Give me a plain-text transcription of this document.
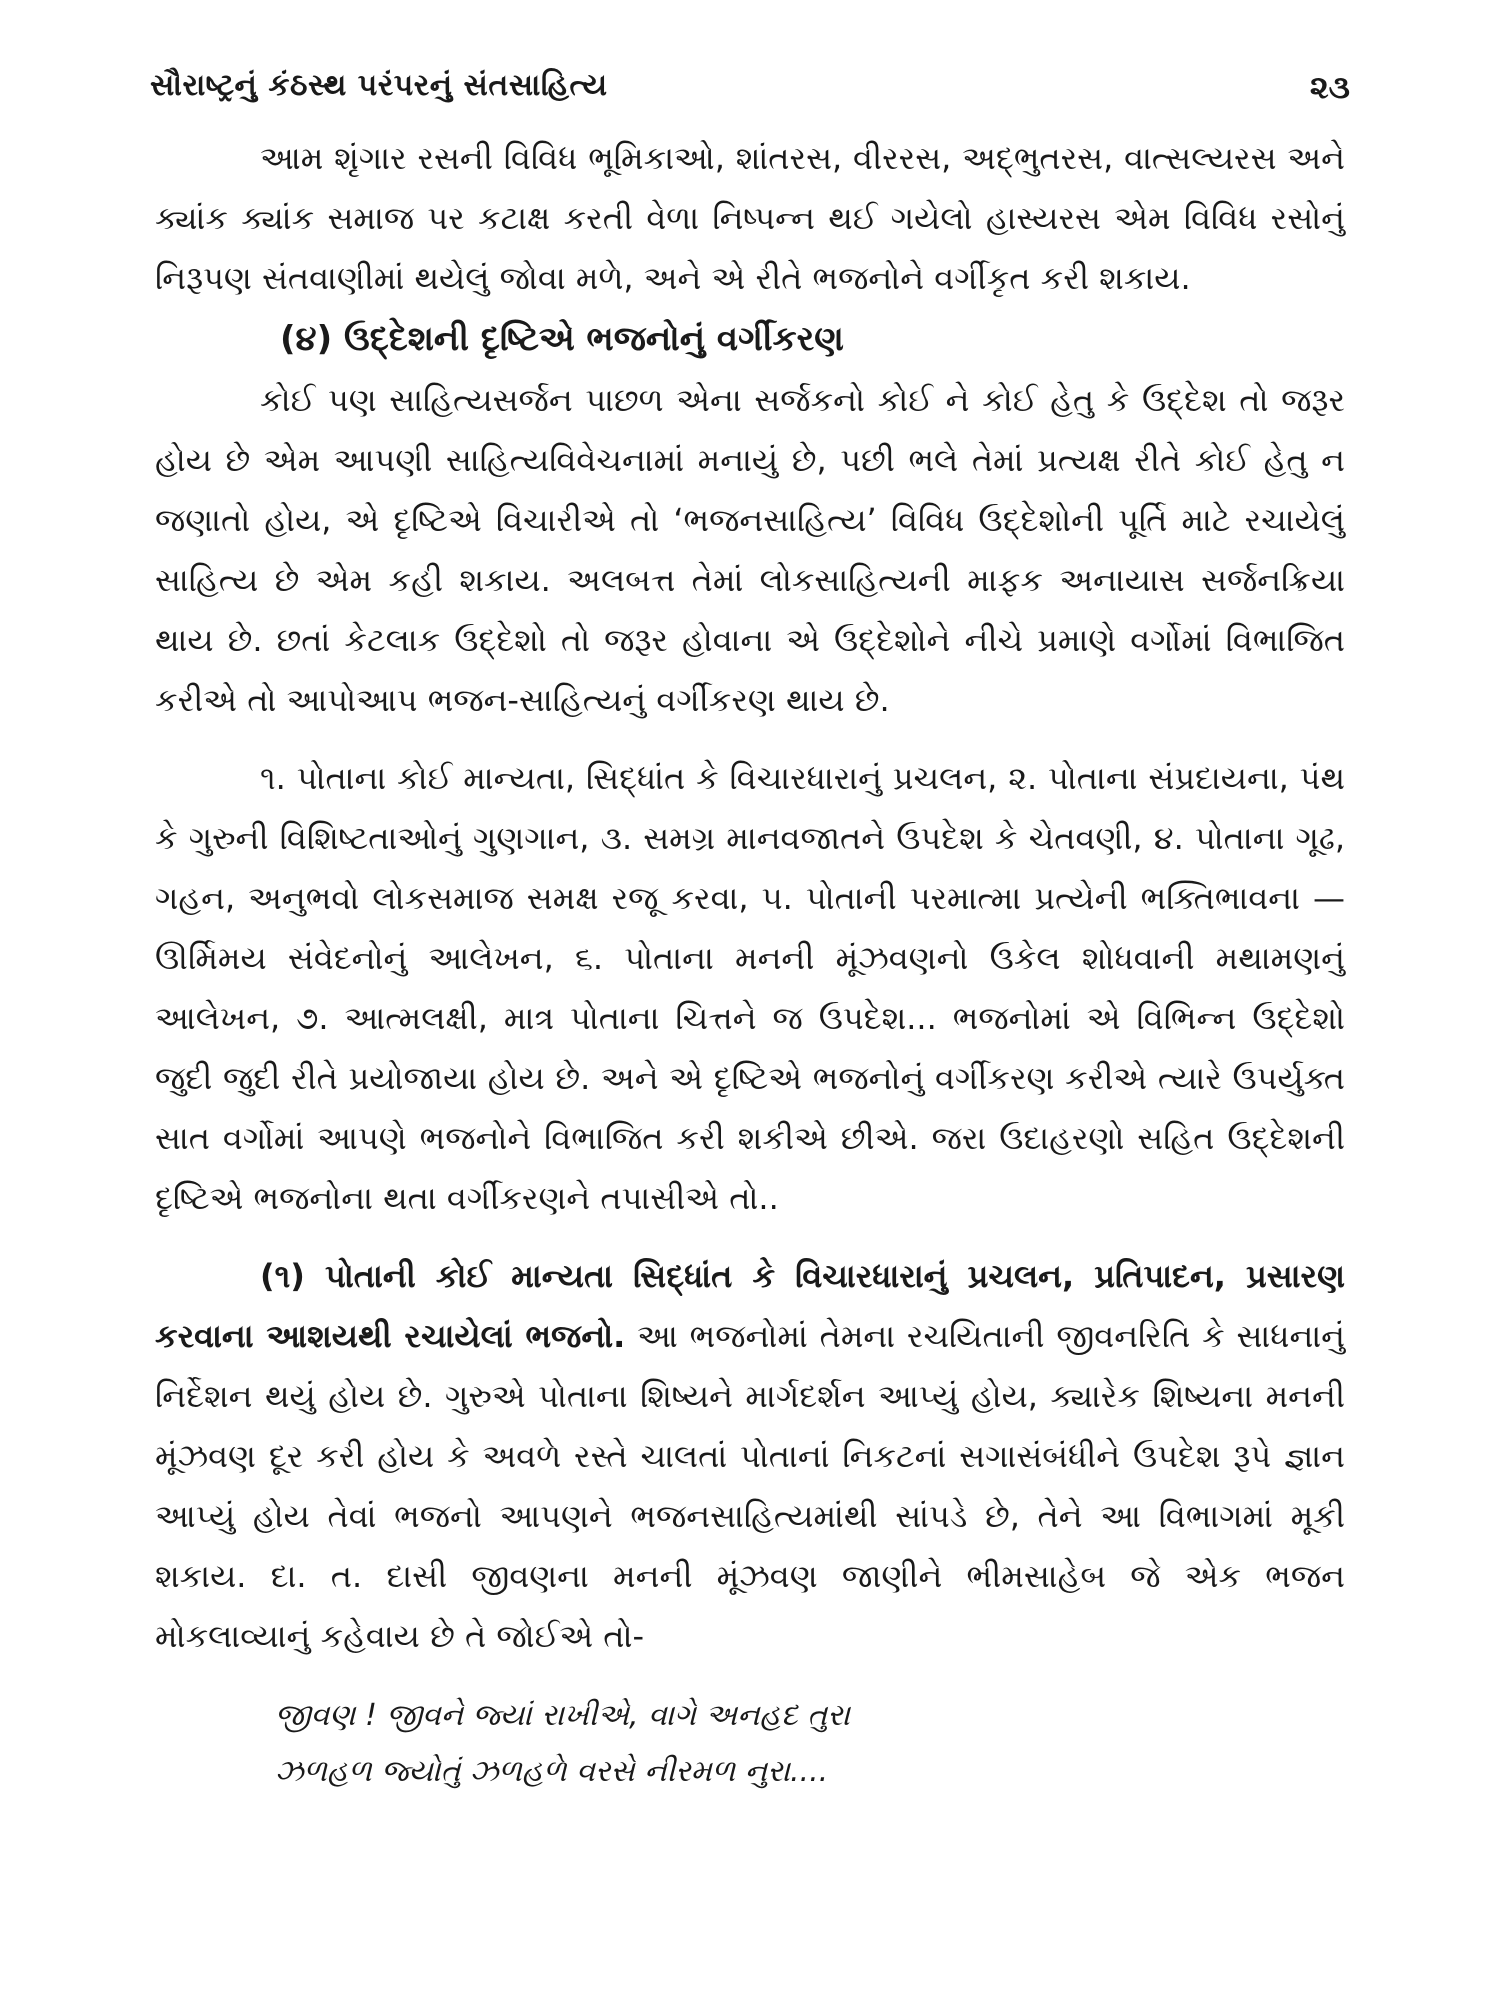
સૌરાષ્ટ્રનું કંઠસ્થ પરંપરનું સંતસાહિત્ય	૨૩

આમ શૃંગાર રસની વિવિધ ભૂમિકાઓ, શાંતરસ, વીરરસ, અદ્ભુતરસ, વાત્સલ્યરસ અને ક્યાંક ક્યાંક સમાજ પર કટાક્ષ કરતી વેળા નિષ્પન્ન થઈ ગયેલો હાસ્યરસ એમ વિવિધ રસોનું નિરૂપણ સંતવાણીમાં થયેલું જોવા મળે, અને એ રીતે ભજનોને વર્ગીકૃત કરી શકાય.

(૪) ઉદ્દેશની દૃષ્ટિએ ભજનોનું વર્ગીકરણ

કોઈ પણ સાહિત્યસર્જન પાછળ એના સર્જકનો કોઈ ને કોઈ હેતુ કે ઉદ્દેશ તો જરૂર હોય છે એમ આપણી સાહિત્યવિવેચનામાં મનાયું છે, પછી ભલે તેમાં પ્રત્યક્ષ રીતે કોઈ હેતુ ન જણાતો હોય, એ દૃષ્ટિએ વિચારીએ તો ‘ભજનસાહિત્ય’ વિવિધ ઉદ્દેશોની પૂર્તિ માટે રચાયેલું સાહિત્ય છે એમ કહી શકાય. અલબત્ત તેમાં લોકસાહિત્યની માફક અનાયાસ સર્જનક્રિયા થાય છે. છતાં કેટલાક ઉદ્દેશો તો જરૂર હોવાના એ ઉદ્દેશોને નીચે પ્રમાણે વર્ગોમાં વિભાજિત કરીએ તો આપોઆપ ભજન-સાહિત્યનું વર્ગીકરણ થાય છે.

૧. પોતાના કોઈ માન્યતા, સિદ્ધાંત કે વિચારધારાનું પ્રચલન, ૨. પોતાના સંપ્રદાયના, પંથ કે ગુરુની વિશિષ્ટતાઓનું ગુણગાન, ૩. સમગ્ર માનવજાતને ઉપદેશ કે ચેતવણી, ૪. પોતાના ગૂઢ, ગહન, અનુભવો લોકસમાજ સમક્ષ રજૂ કરવા, ૫. પોતાની પરમાત્મા પ્રત્યેની ભક્તિભાવના — ઊર્મિમય સંવેદનોનું આલેખન, ૬. પોતાના મનની મૂંઝવણનો ઉકેલ શોધવાની મથામણનું આલેખન, ૭. આત્મલક્ષી, માત્ર પોતાના ચિત્તને જ ઉપદેશ... ભજનોમાં એ વિભિન્ન ઉદ્દેશો જુદી જુદી રીતે પ્રયોજાયા હોય છે. અને એ દૃષ્ટિએ ભજનોનું વર્ગીકરણ કરીએ ત્યારે ઉપર્યુક્ત સાત વર્ગોમાં આપણે ભજનોને વિભાજિત કરી શકીએ છીએ. જરા ઉદાહરણો સહિત ઉદ્દેશની દૃષ્ટિએ ભજનોના થતા વર્ગીકરણને તપાસીએ તો..

(૧) પોતાની કોઈ માન્યતા સિદ્ધાંત કે વિચારધારાનું પ્રચલન, પ્રતિપાદન, પ્રસારણ કરવાના આશયથી રચાયેલાં ભજનો. આ ભજનોમાં તેમના રચયિતાની જીવનરિતિ કે સાધનાનું નિર્દેશન થયું હોય છે. ગુરુએ પોતાના શિષ્યને માર્ગદર્શન આપ્યું હોય, ક્યારેક શિષ્યના મનની મૂંઝવણ દૂર કરી હોય કે અવળે રસ્તે ચાલતાં પોતાનાં નિકટનાં સગાસંબંધીને ઉપદેશ રૂપે જ્ઞાન આપ્યું હોય તેવાં ભજનો આપણને ભજનસાહિત્યમાંથી સાંપડે છે, તેને આ વિભાગમાં મૂકી શકાય. દા. ત. દાસી જીવણના મનની મૂંઝવણ જાણીને ભીમસાહેબ જે એક ભજન મોકલાવ્યાનું કહેવાય છે તે જોઈએ તો-

જીવણ ! જીવને જ્યાં રાખીએ, વાગે અનહદ તુરા
ઝળહળ જ્યોતું ઝળહળે વરસે નીરમળ નુરા....
